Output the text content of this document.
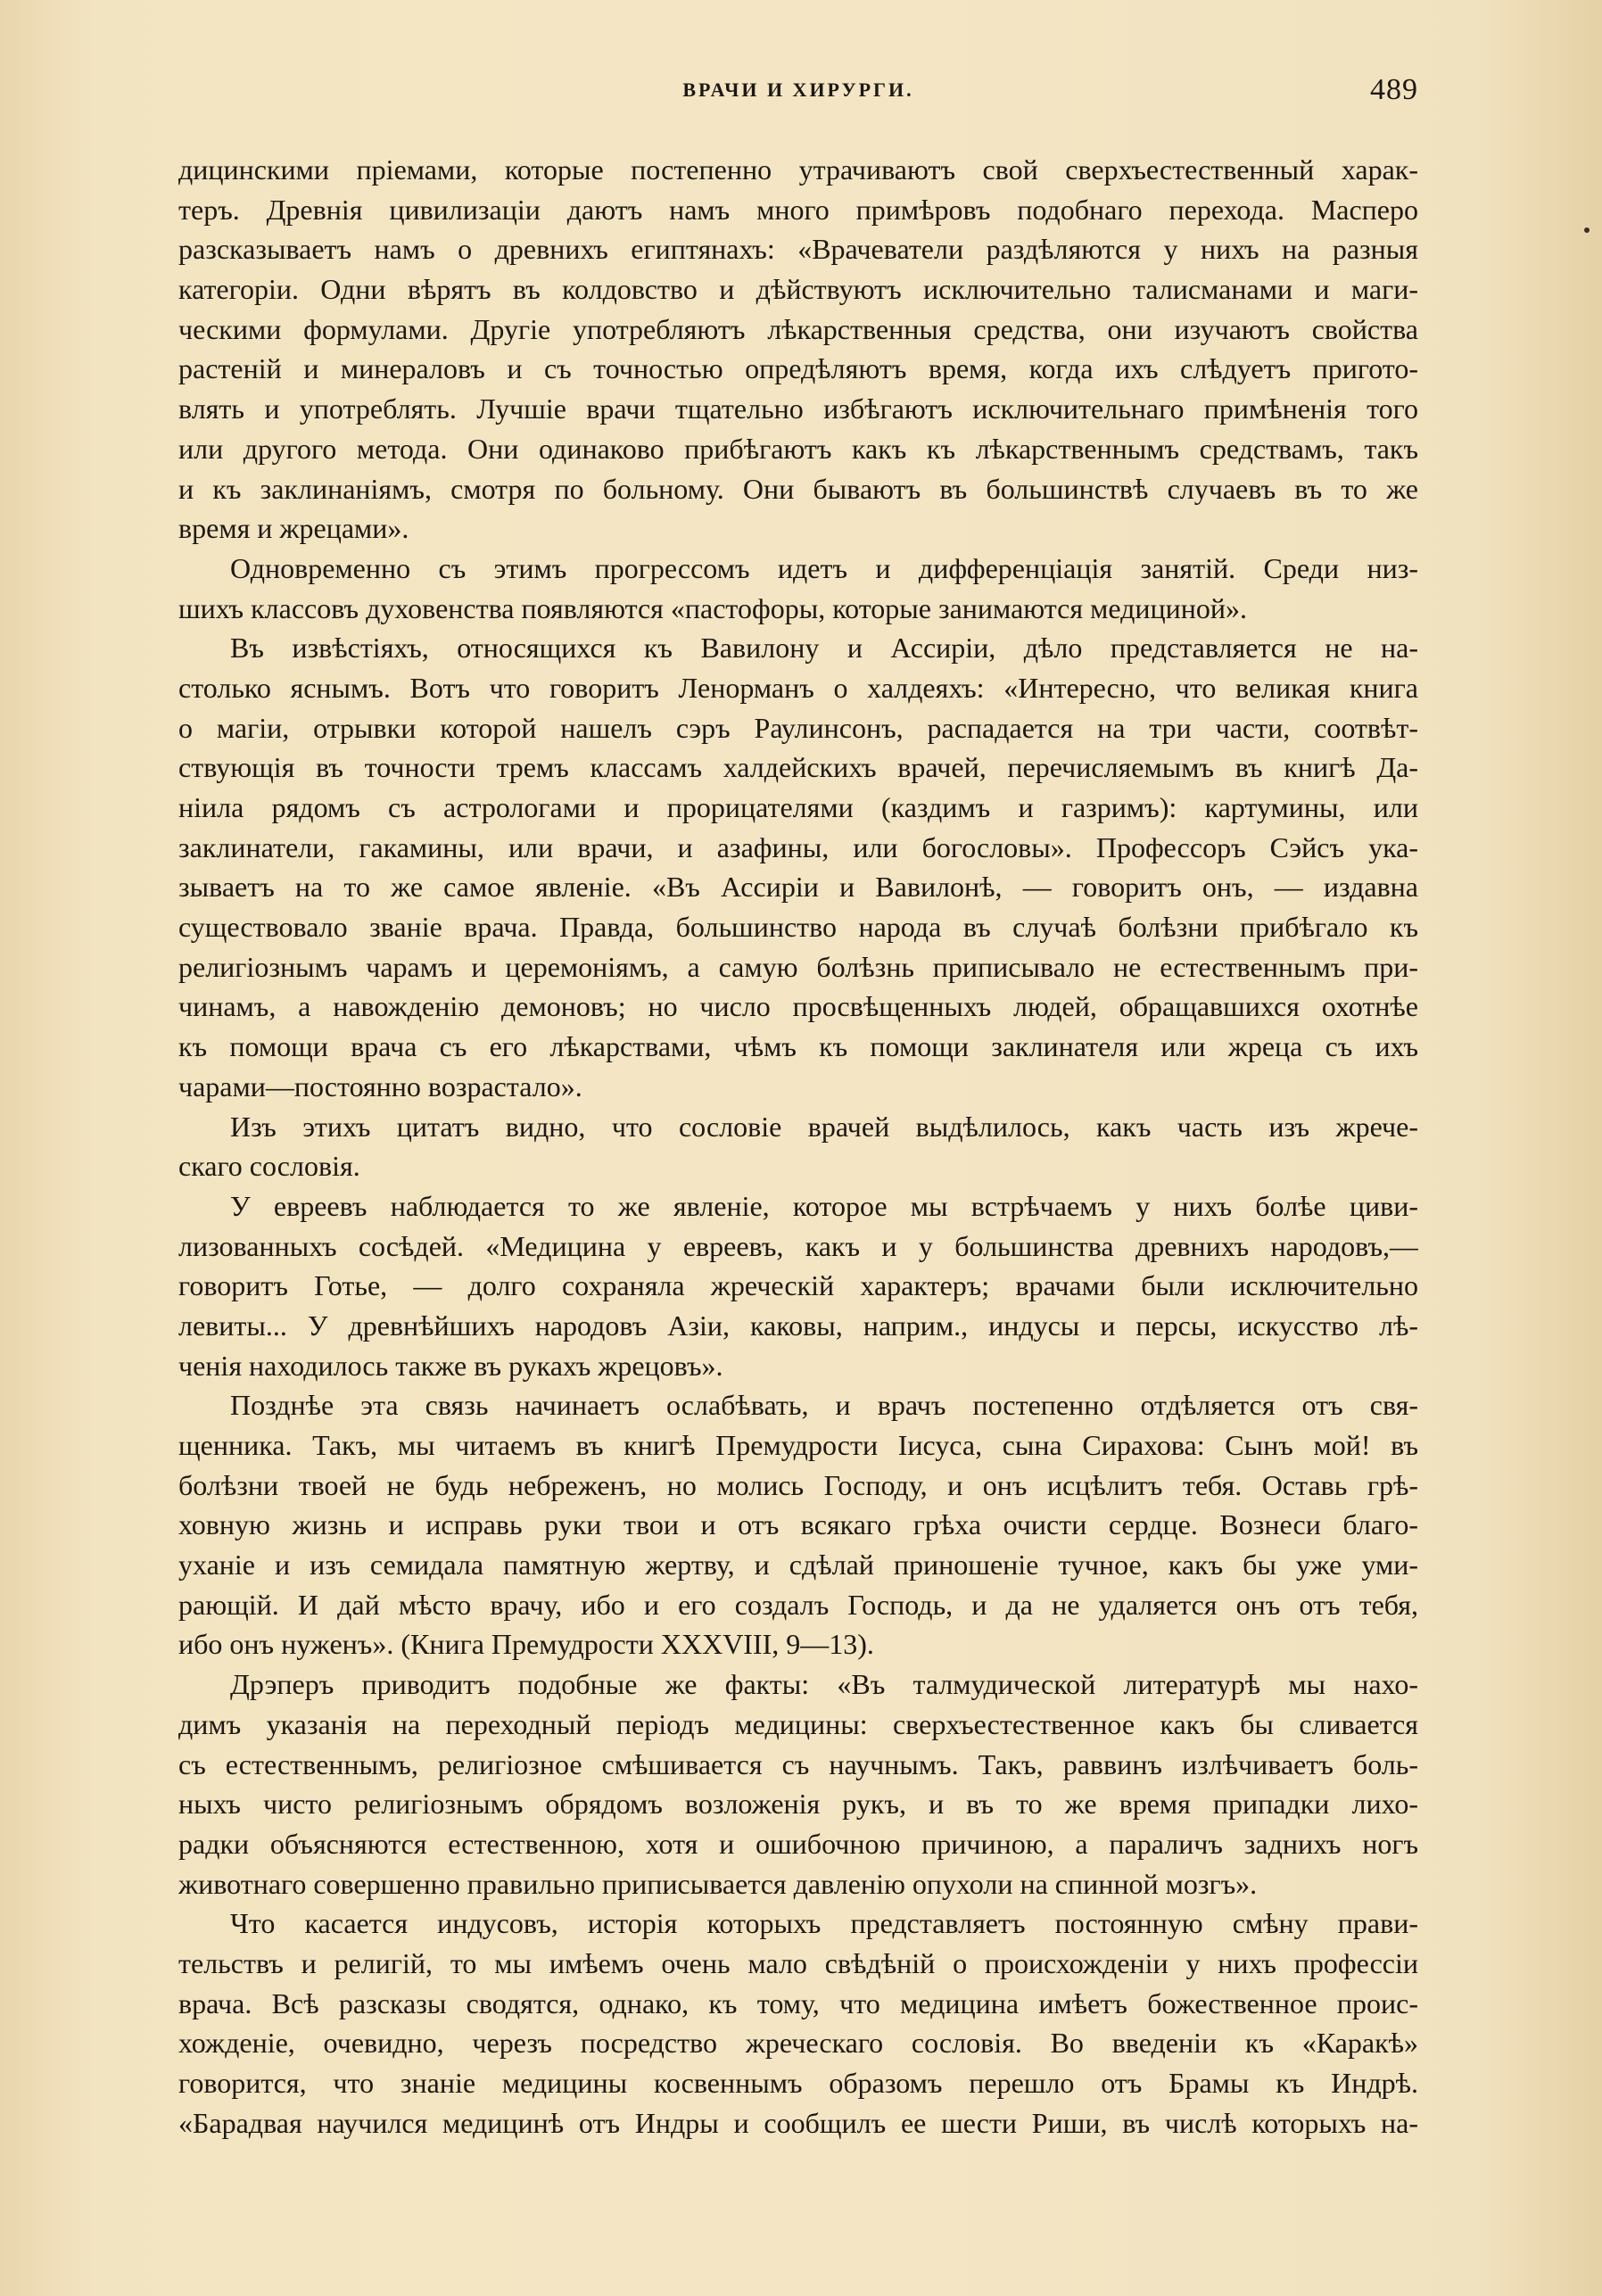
ВРАЧИ И ХИРУРГИ.	489
дицинскими пріемами, которые постепенно утрачиваютъ свой сверхъестественный харак-
теръ. Древнія цивилизаціи даютъ намъ много примѣровъ подобнаго перехода. Масперо
разсказываетъ намъ о древнихъ египтянахъ: «Врачеватели раздѣляются у нихъ на разныя
категоріи. Одни вѣрятъ въ колдовство и дѣйствуютъ исключительно талисманами и маги-
ческими формулами. Другіе употребляютъ лѣкарственныя средства, они изучаютъ свойства
растеній и минераловъ и съ точностью опредѣляютъ время, когда ихъ слѣдуетъ пригото-
влять и употреблять. Лучшіе врачи тщательно избѣгаютъ исключительнаго примѣненія того
или другого метода. Они одинаково прибѣгаютъ какъ къ лѣкарственнымъ средствамъ, такъ
и къ заклинаніямъ, смотря по больному. Они бываютъ въ большинствѣ случаевъ въ то же
время и жрецами».
Одновременно съ этимъ прогрессомъ идетъ и дифференціація занятій. Среди низ-
шихъ классовъ духовенства появляются «пастофоры, которые занимаются медициной».
Въ извѣстіяхъ, относящихся къ Вавилону и Ассиріи, дѣло представляется не на-
столько яснымъ. Вотъ что говоритъ Ленорманъ о халдеяхъ: «Интересно, что великая книга
о магіи, отрывки которой нашелъ сэръ Раулинсонъ, распадается на три части, соотвѣт-
ствующія въ точности тремъ классамъ халдейскихъ врачей, перечисляемымъ въ книгѣ Да-
ніила рядомъ съ астрологами и прорицателями (каздимъ и газримъ): картумины, или
заклинатели, гакамины, или врачи, и азафины, или богословы». Профессоръ Сэйсъ ука-
зываетъ на то же самое явленіе. «Въ Ассиріи и Вавилонѣ, — говоритъ онъ, — издавна
существовало званіе врача. Правда, большинство народа въ случаѣ болѣзни прибѣгало къ
религіознымъ чарамъ и церемоніямъ, а самую болѣзнь приписывало не естественнымъ при-
чинамъ, а навожденію демоновъ; но число просвѣщенныхъ людей, обращавшихся охотнѣе
къ помощи врача съ его лѣкарствами, чѣмъ къ помощи заклинателя или жреца съ ихъ
чарами—постоянно возрастало».
Изъ этихъ цитатъ видно, что сословіе врачей выдѣлилось, какъ часть изъ жрече-
скаго сословія.
У евреевъ наблюдается то же явленіе, которое мы встрѣчаемъ у нихъ болѣе циви-
лизованныхъ сосѣдей. «Медицина у евреевъ, какъ и у большинства древнихъ народовъ,—
говоритъ Готье, — долго сохраняла жреческій характеръ; врачами были исключительно
левиты... У древнѣйшихъ народовъ Азіи, каковы, наприм., индусы и персы, искусство лѣ-
ченія находилось также въ рукахъ жрецовъ».
Позднѣе эта связь начинаетъ ослабѣвать, и врачъ постепенно отдѣляется отъ свя-
щенника. Такъ, мы читаемъ въ книгѣ Премудрости Іисуса, сына Сирахова: Сынъ мой! въ
болѣзни твоей не будь небреженъ, но молись Господу, и онъ исцѣлитъ тебя. Оставь грѣ-
ховную жизнь и исправь руки твои и отъ всякаго грѣха очисти сердце. Вознеси благо-
уханіе и изъ семидала памятную жертву, и сдѣлай приношеніе тучное, какъ бы уже уми-
рающій. И дай мѣсто врачу, ибо и его создалъ Господь, и да не удаляется онъ отъ тебя,
ибо онъ нуженъ». (Книга Премудрости XXXVIII, 9—13).
Дрэперъ приводитъ подобные же факты: «Въ талмудической литературѣ мы нахо-
димъ указанія на переходный періодъ медицины: сверхъестественное какъ бы сливается
съ естественнымъ, религіозное смѣшивается съ научнымъ. Такъ, раввинъ излѣчиваетъ боль-
ныхъ чисто религіознымъ обрядомъ возложенія рукъ, и въ то же время припадки лихо-
радки объясняются естественною, хотя и ошибочною причиною, а параличъ заднихъ ногъ
животнаго совершенно правильно приписывается давленію опухоли на спинной мозгъ».
Что касается индусовъ, исторія которыхъ представляетъ постоянную смѣну прави-
тельствъ и религій, то мы имѣемъ очень мало свѣдѣній о происхожденіи у нихъ профессіи
врача. Всѣ разсказы сводятся, однако, къ тому, что медицина имѣетъ божественное проис-
хожденіе, очевидно, черезъ посредство жреческаго сословія. Во введеніи къ «Каракѣ»
говорится, что знаніе медицины косвеннымъ образомъ перешло отъ Брамы къ Индрѣ.
«Барадвая научился медицинѣ отъ Индры и сообщилъ ее шести Риши, въ числѣ которыхъ на-
